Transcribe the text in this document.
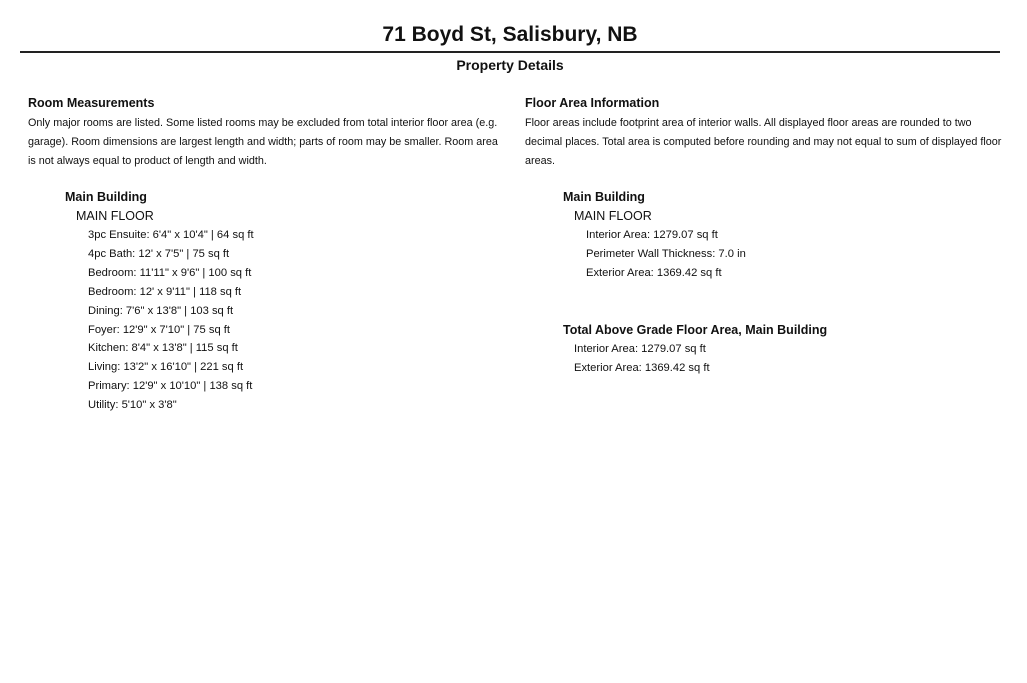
71 Boyd St, Salisbury, NB
Property Details
Room Measurements
Only major rooms are listed. Some listed rooms may be excluded from total interior floor area (e.g. garage). Room dimensions are largest length and width; parts of room may be smaller. Room area is not always equal to product of length and width.
Main Building
MAIN FLOOR
3pc Ensuite: 6'4" x 10'4" | 64 sq ft
4pc Bath: 12' x 7'5" | 75 sq ft
Bedroom: 11'11" x 9'6" | 100 sq ft
Bedroom: 12' x 9'11" | 118 sq ft
Dining: 7'6" x 13'8" | 103 sq ft
Foyer: 12'9" x 7'10" | 75 sq ft
Kitchen: 8'4" x 13'8" | 115 sq ft
Living: 13'2" x 16'10" | 221 sq ft
Primary: 12'9" x 10'10" | 138 sq ft
Utility: 5'10" x 3'8"
Floor Area Information
Floor areas include footprint area of interior walls. All displayed floor areas are rounded to two decimal places. Total area is computed before rounding and may not equal to sum of displayed floor areas.
Main Building
MAIN FLOOR
Interior Area: 1279.07 sq ft
Perimeter Wall Thickness: 7.0 in
Exterior Area: 1369.42 sq ft
Total Above Grade Floor Area, Main Building
Interior Area: 1279.07 sq ft
Exterior Area: 1369.42 sq ft
